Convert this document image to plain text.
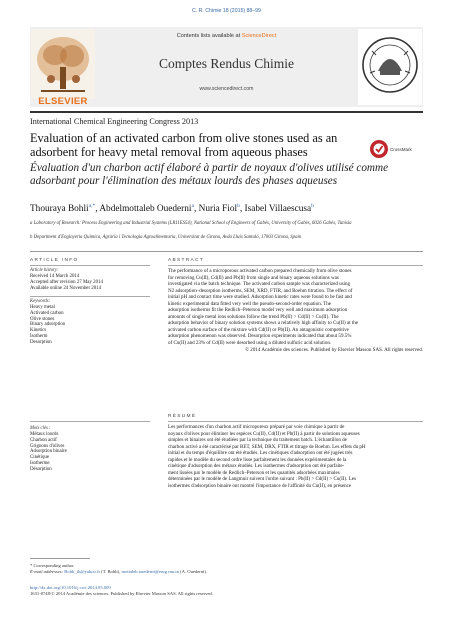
C. R. Chimie 18 (2015) 88–99
ELSEVIER
Contents lists available at ScienceDirect
Comptes Rendus Chimie
www.sciencedirect.com
International Chemical Engineering Congress 2013
Evaluation of an activated carbon from olive stones used as an adsorbent for heavy metal removal from aqueous phases	CrossMark
Évaluation d'un charbon actif élaboré à partir de noyaux d'olives utilisé comme adsorbant pour l'élimination des métaux lourds des phases aqueuses
Thouraya Bohli$^{a,*}$, Abdelmottaleb Ouederni$^a$, Nuria Fiol$^b$, Isabel Villaescusa$^b$
a Laboratory of Research: Process Engineering and Industrial Systems (LR11ES54), National School of Engineers of Gabès, University of Gabès, 6026 Gabès, Tunisia
b Department d'Enginyeria Química, Agrària i Tecnologia Agroalimentaria, Universitat de Girona, Avda Lluís Santaló, 17003 Girona, Spain
ARTICLE INFO
Article history:
Received 14 March 2014
Accepted after revision 27 May 2014
Available online 24 November 2014
Keywords:
Heavy metal
Activated carbon
Olive stones
Binary adsorption
Kinetics
Isotherm
Desorption
Mots clés :
Métaux lourds
Charbon actif
Grignons d'olives
Adsorption binaire
Cinétique
Isotherme
Désorption
ABSTRACT
The performance of a microporous activated carbon prepared chemically from olive stones
for removing Cu(II), Cd(II) and Pb(II) from single and binary aqueous solutions was
investigated via the batch technique. The activated carbon sample was characterized using
N2 adsorption–desorption isotherms, SEM, XRD, FTIR, and Boehm titration. The effect of
initial pH and contact time were studied. Adsorption kinetic rates were found to be fast and
kinetic experimental data fitted very well the pseudo-second-order equation. The
adsorption isotherms fit the Redlich–Peterson model very well and maximum adsorption
amounts of single metal ions solutions follow the trend Pb(II) > Cd(II) > Cu(II). The
adsorption behavior of binary solution systems shows a relatively high affinity to Cu(II) at the
activated carbon surface of the mixture with Cd(II) or Pb(II). An antagonistic competitive
adsorption phenomenon was observed. Desorption experiments indicated that about 59.5%
of Cu(II) and 23% of Cd(II) were desorbed using a diluted sulfuric acid solution.
© 2014 Académie des sciences. Published by Elsevier Masson SAS. All rights reserved.
RÉSUMÉ
Les performances d'un charbon actif microporeux préparé par voie chimique à partir de
noyaux d'olives pour éliminer les espèces Cu(II), Cd(II) et Pb(II) à partir de solutions aqueuses
simples et binaires ont été étudiées par la technique du traitement batch. L'échantillon de
charbon activé a été caractérisé par BET, SEM, DRX, FTIR et titrage de Boehm. Les effets du pH
initial et du temps d'équilibre ont été étudiés. Les cinétiques d'adsorption ont été jugées très
rapides et le modèle du second ordre lisse parfaitement les données expérimentales de la
cinétique d'adsorption des métaux étudiés. Les isothermes d'adsorption ont été parfaite-
ment lissées par le modèle de Redlich–Peterson et les quantités adsorbées maximales
déterminées par le modèle de Langmuir suivent l'ordre suivant : Pb(II) > Cd(II) > Cu(II). Les
isothermes d'adsorption binaire ont montré l'importance de l'affinité du Cu(II), en présence
* Corresponding author.
E-mail addresses: Bohli_th@yahoo.fr (T. Bohli), mottaleb.ouederni@enig.rnu.tn (A. Ouederni).
http://dx.doi.org/10.1016/j.crci.2014.05.009
1631-0748/© 2014 Académie des sciences. Published by Elsevier Masson SAS. All rights reserved.
